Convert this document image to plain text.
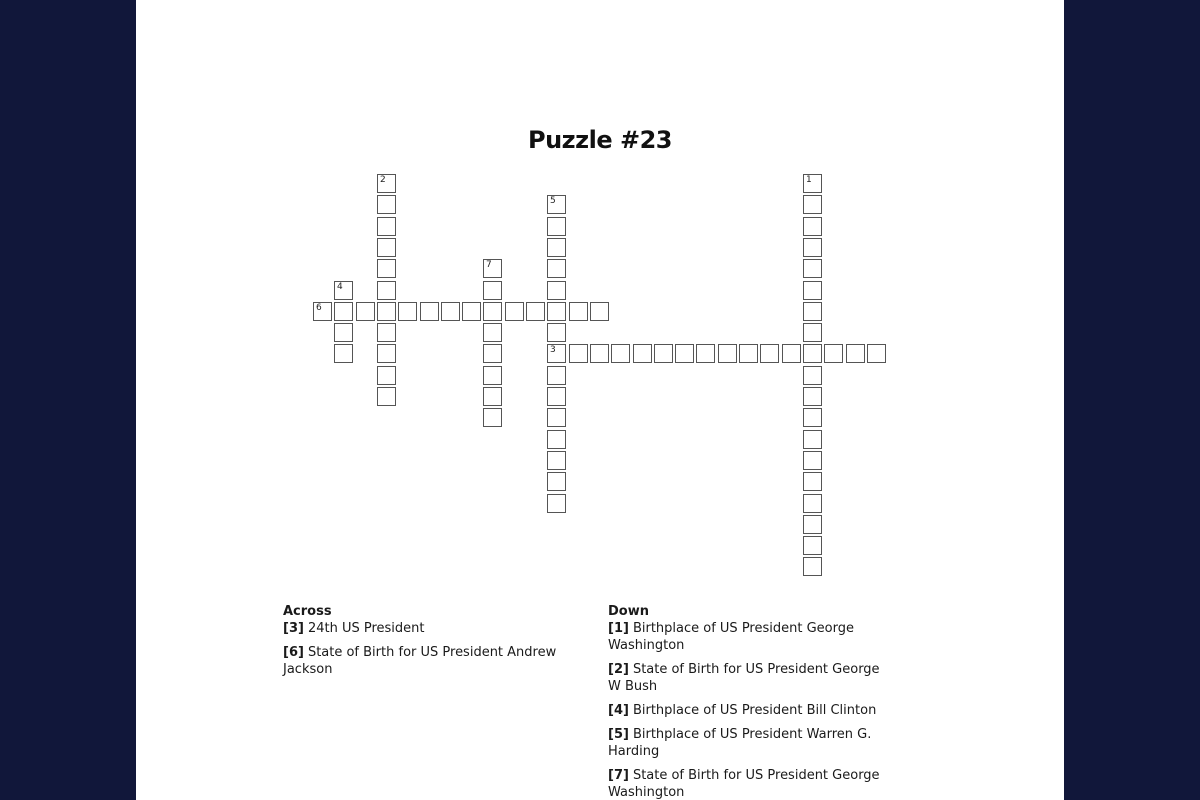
Puzzle #23
1
2
3
4
5
6
7
Across
[3] 24th US President
[6] State of Birth for US President Andrew Jackson
Down
[1] Birthplace of US President George Washington
[2] State of Birth for US President George W Bush
[4] Birthplace of US President Bill Clinton
[5] Birthplace of US President Warren G. Harding
[7] State of Birth for US President George Washington
